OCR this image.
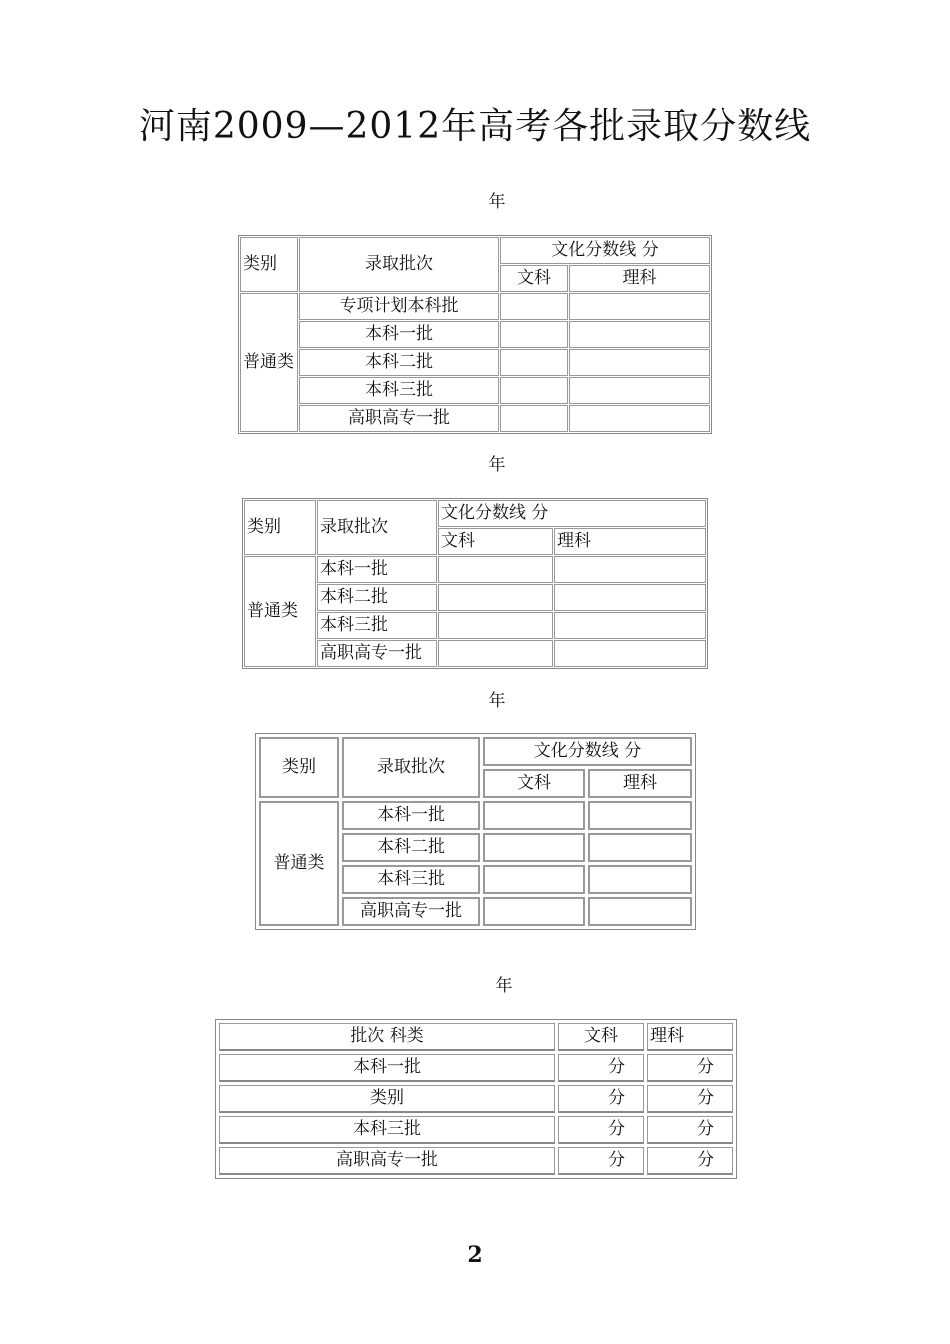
河南2009—2012年高考各批录取分数线
年
类别	录取批次	文化分数线 分	
		文科	理科
普通类	专项计划本科批		
	本科一批		
	本科二批		
	本科三批		
	高职高专一批		
年
类别	录取批次	文化分数线 分	
		文科	理科
普通类	本科一批		
	本科二批		
	本科三批		
	高职高专一批		
年
类别	录取批次	文化分数线 分	
		文科	理科
普通类	本科一批		
	本科二批		
	本科三批		
	高职高专一批		
年
批次 科类	文科	理科
本科一批	分	分
类别	分	分
本科三批	分	分
高职高专一批	分	分
2
